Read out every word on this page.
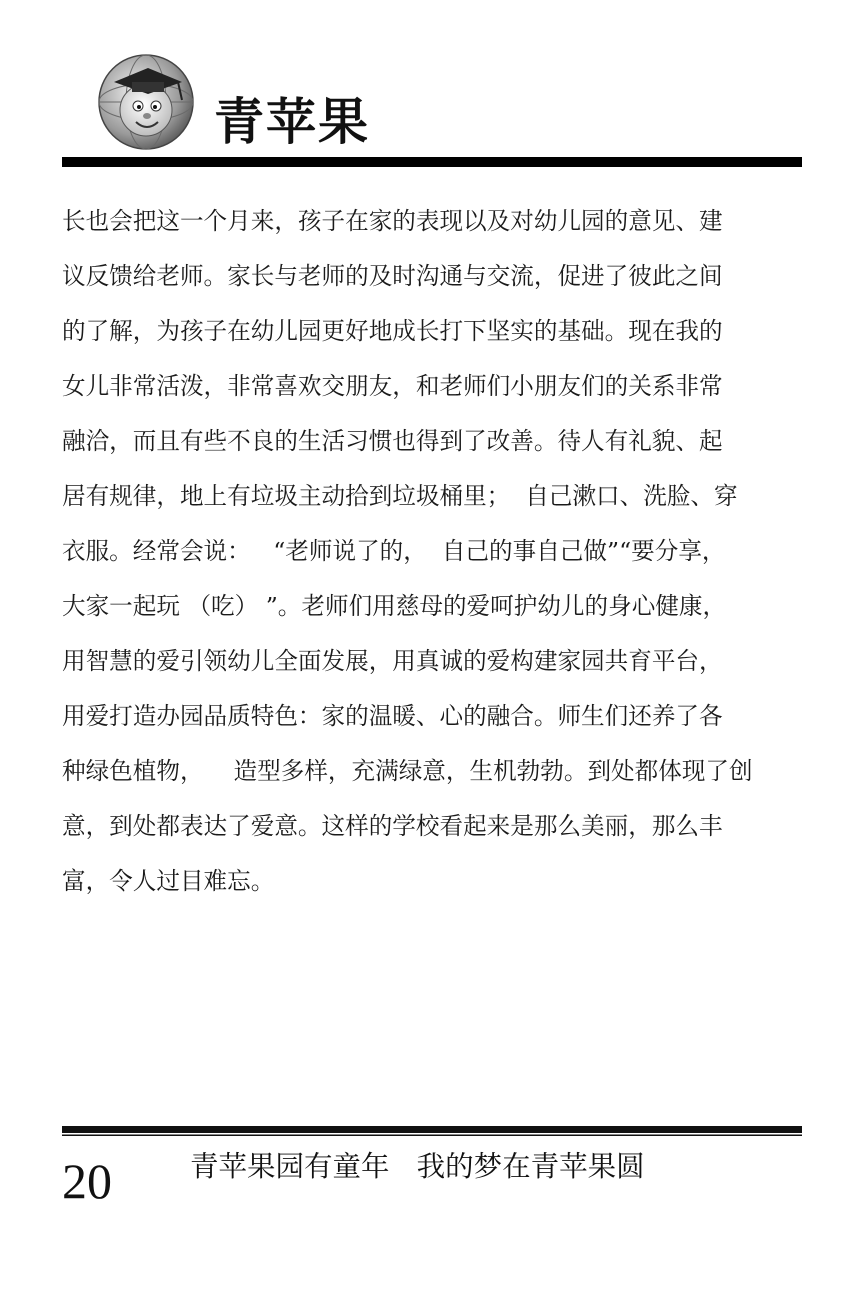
青苹果
长也会把这一个月来，孩子在家的表现以及对幼儿园的意见、建
议反馈给老师。家长与老师的及时沟通与交流，促进了彼此之间
的了解，为孩子在幼儿园更好地成长打下坚实的基础。现在我的
女儿非常活泼，非常喜欢交朋友，和老师们小朋友们的关系非常
融洽，而且有些不良的生活习惯也得到了改善。待人有礼貌、起
居有规律，地上有垃圾主动拾到垃圾桶里；  自己漱口、洗脸、穿
衣服。经常会说：   “老师说了的，  自己的事自己做”“要分享，
大家一起玩 （吃） ”。老师们用慈母的爱呵护幼儿的身心健康，
用智慧的爱引领幼儿全面发展，用真诚的爱构建家园共育平台，
用爱打造办园品质特色：家的温暖、心的融合。师生们还养了各
种绿色植物，    造型多样，充满绿意，生机勃勃。到处都体现了创
意，到处都表达了爱意。这样的学校看起来是那么美丽，那么丰
富，令人过目难忘。
20	青苹果园有童年   我的梦在青苹果圆
